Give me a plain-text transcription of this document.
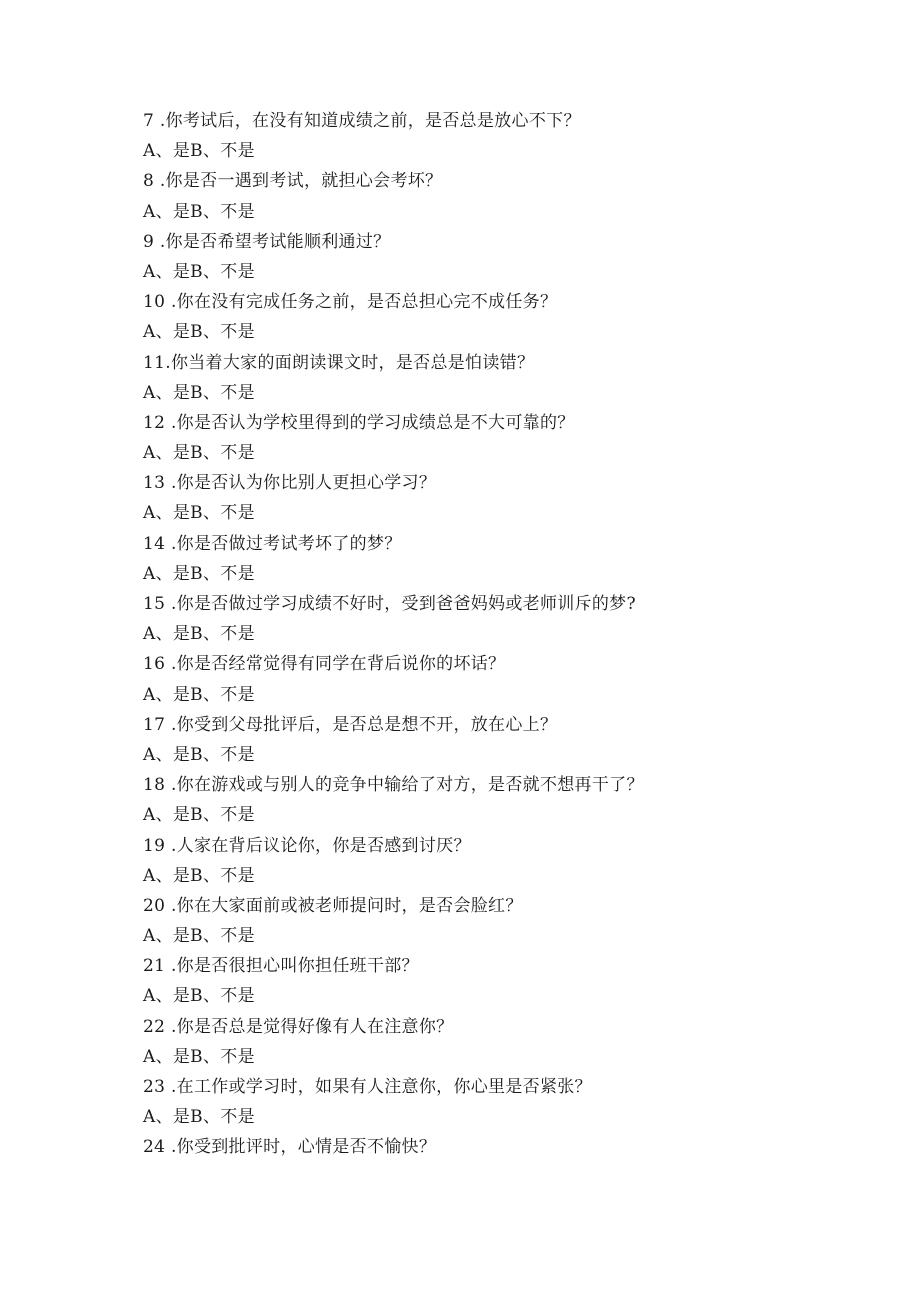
7 .你考试后，在没有知道成绩之前，是否总是放心不下？
A、是B、不是
8 .你是否一遇到考试，就担心会考坏？
A、是B、不是
9 .你是否希望考试能顺利通过？
A、是B、不是
10 .你在没有完成任务之前，是否总担心完不成任务？
A、是B、不是
11.你当着大家的面朗读课文时，是否总是怕读错？
A、是B、不是
12 .你是否认为学校里得到的学习成绩总是不大可靠的？
A、是B、不是
13 .你是否认为你比别人更担心学习？
A、是B、不是
14 .你是否做过考试考坏了的梦？
A、是B、不是
15 .你是否做过学习成绩不好时，受到爸爸妈妈或老师训斥的梦?
A、是B、不是
16 .你是否经常觉得有同学在背后说你的坏话？
A、是B、不是
17 .你受到父母批评后，是否总是想不开，放在心上？
A、是B、不是
18 .你在游戏或与别人的竞争中输给了对方，是否就不想再干了？
A、是B、不是
19 .人家在背后议论你，你是否感到讨厌？
A、是B、不是
20 .你在大家面前或被老师提问时，是否会脸红？
A、是B、不是
21 .你是否很担心叫你担任班干部？
A、是B、不是
22 .你是否总是觉得好像有人在注意你？
A、是B、不是
23 .在工作或学习时，如果有人注意你，你心里是否紧张？
A、是B、不是
24 .你受到批评时，心情是否不愉快？
